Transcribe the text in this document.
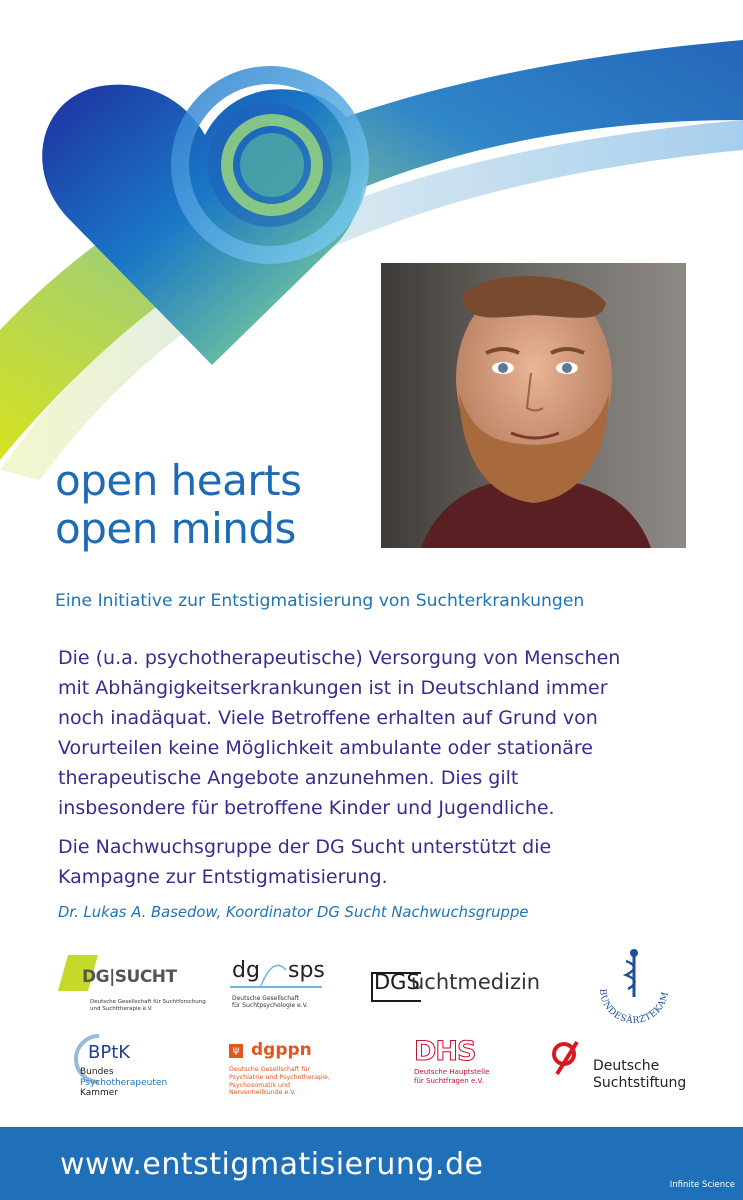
open hearts
open minds
Eine Initiative zur Entstigmatisierung von Suchterkrankungen
Die (u.a. psychotherapeutische) Versorgung von Menschen
mit Abhängigkeitserkrankungen ist in Deutschland immer
noch inadäquat. Viele Betroffene erhalten auf Grund von
Vorurteilen keine Möglichkeit ambulante oder stationäre
therapeutische Angebote anzunehmen. Dies gilt
insbesondere für betroffene Kinder und Jugendliche.
Die Nachwuchsgruppe der DG Sucht unterstützt die
Kampagne zur Entstigmatisierung.
Dr. Lukas A. Basedow, Koordinator DG Sucht Nachwuchsgruppe
DG|SUCHT
Deutsche Gesellschaft für Suchtforschung
und Suchttherapie e.V.
dg sps
Deutsche Gesellschaft
für Suchtpsychologie e.V.
DGS
uchtmedizin	BUNDESÄRZTEKAM
BPtK
Bundes
Psychotherapeuten
Kammer
ψ dgppn
Deutsche Gesellschaft für
Psychiatrie und Psychotherapie,
Psychosomatik und
Nervenheilkunde e.V.
DHS
Deutsche Hauptstelle
für Suchtfragen e.V.
Deutsche
Suchtstiftung
www.entstigmatisierung.de
Infinite Science
